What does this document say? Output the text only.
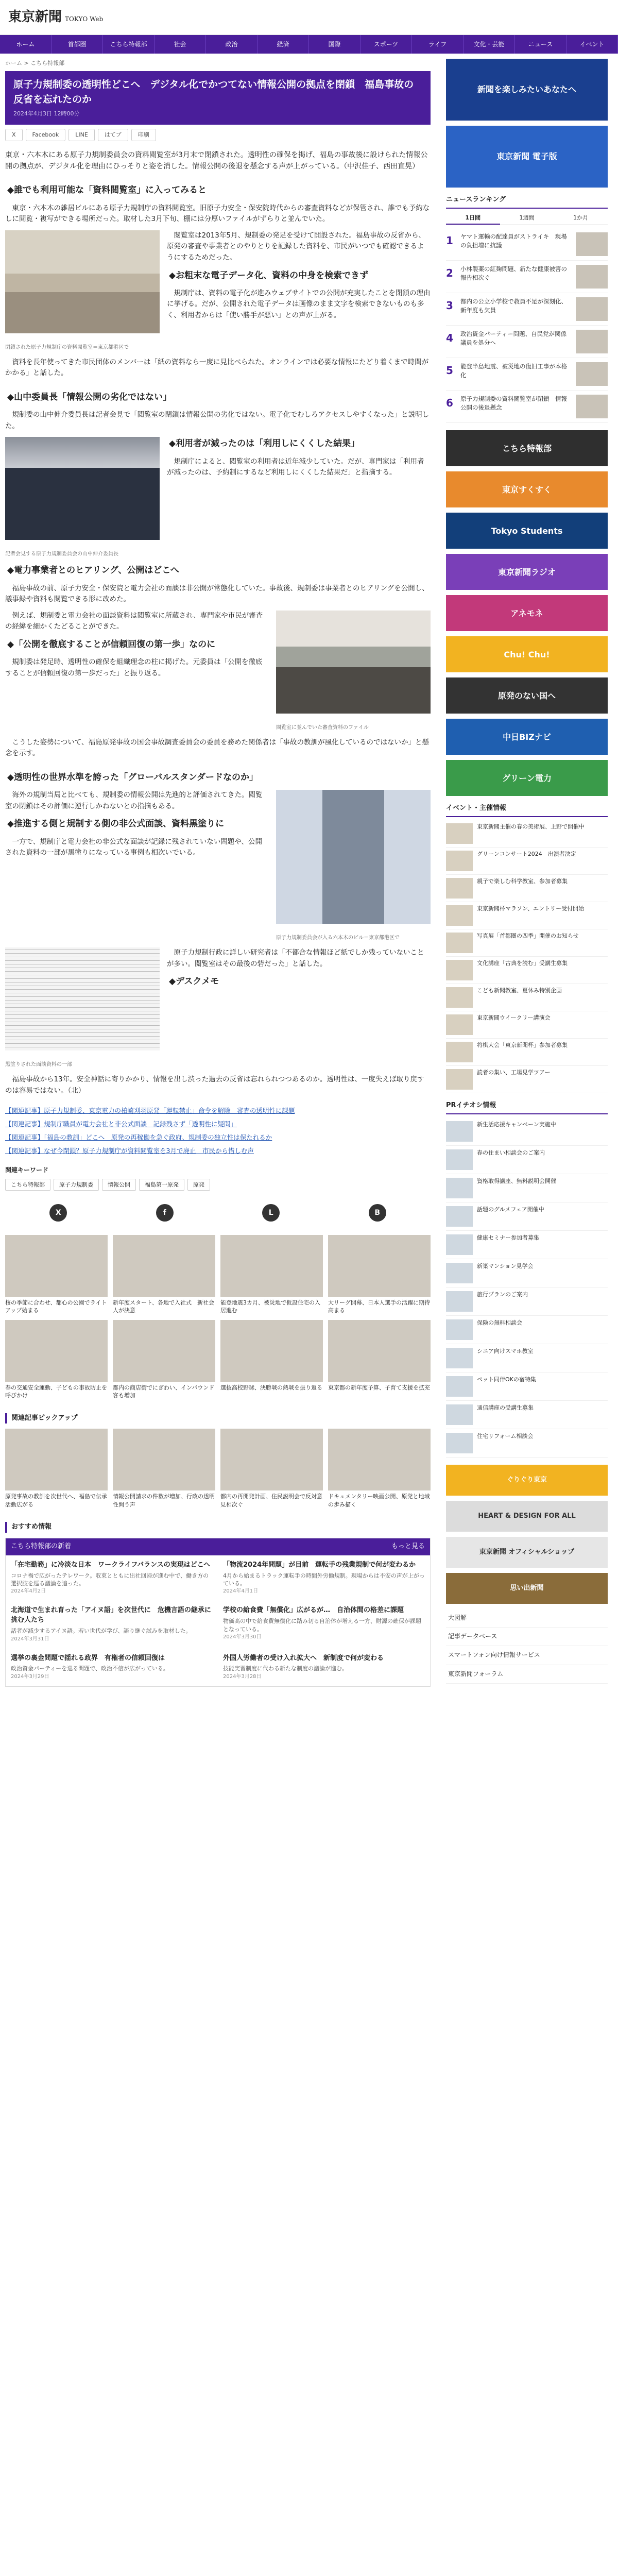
東京新聞 TOKYO Web
ホーム	首都圏	こちら特報部	社会	政治	経済	国際	スポーツ	ライフ	文化・芸能	ニュース	イベント
ホーム > こちら特報部
原子力規制委の透明性どこへ　デジタル化でかつてない情報公開の拠点を閉鎖　福島事故の反省を忘れたのか
2024年4月3日 12時00分
X	Facebook	LINE	はてブ	印刷

東京・六本木にある原子力規制委員会の資料閲覧室が3月末で閉鎖された。透明性の確保を掲げ、福島の事故後に設けられた情報公開の拠点が、デジタル化を理由にひっそりと姿を消した。情報公開の後退を懸念する声が上がっている。（中沢佳子、西田直晃）

◆誰でも利用可能な「資料閲覧室」に入ってみると

東京・六本木の雑居ビルにある原子力規制庁の資料閲覧室。旧原子力安全・保安院時代からの審査資料などが保管され、誰でも予約なしに閲覧・複写ができる場所だった。取材した3月下旬、棚には分厚いファイルがずらりと並んでいた。

閉鎖された原子力規制庁の資料閲覧室＝東京都港区で

閲覧室は2013年5月、規制委の発足を受けて開設された。福島事故の反省から、原発の審査や事業者とのやりとりを記録した資料を、市民がいつでも確認できるようにするためだった。

◆お粗末な電子データ化、資料の中身を検索できず

規制庁は、資料の電子化が進みウェブサイトでの公開が充実したことを閉鎖の理由に挙げる。だが、公開された電子データは画像のまま文字を検索できないものも多く、利用者からは「使い勝手が悪い」との声が上がる。

資料を長年使ってきた市民団体のメンバーは「紙の資料なら一度に見比べられた。オンラインでは必要な情報にたどり着くまで時間がかかる」と話した。

◆山中委員長「情報公開の劣化ではない」

規制委の山中伸介委員長は記者会見で「閲覧室の閉鎖は情報公開の劣化ではない。電子化でむしろアクセスしやすくなった」と説明した。

記者会見する原子力規制委員会の山中伸介委員長
◆利用者が減ったのは「利用しにくくした結果」

規制庁によると、閲覧室の利用者は近年減少していた。だが、専門家は「利用者が減ったのは、予約制にするなど利用しにくくした結果だ」と指摘する。

◆電力事業者とのヒアリング、公開はどこへ

福島事故の前、原子力安全・保安院と電力会社の面談は非公開が常態化していた。事故後、規制委は事業者とのヒアリングを公開し、議事録や資料も閲覧できる形に改めた。

例えば、規制委と電力会社の面談資料は閲覧室に所蔵され、専門家や市民が審査の経緯を細かくたどることができた。

◆「公開を徹底することが信頼回復の第一歩」なのに

規制委は発足時、透明性の確保を組織理念の柱に掲げた。元委員は「公開を徹底することが信頼回復の第一歩だった」と振り返る。

閲覧室に並んでいた審査資料のファイル

こうした姿勢について、福島原発事故の国会事故調査委員会の委員を務めた関係者は「事故の教訓が風化しているのではないか」と懸念を示す。

◆透明性の世界水準を誇った「グローバルスタンダードなのか」

海外の規制当局と比べても、規制委の情報公開は先進的と評価されてきた。閲覧室の閉鎖はその評価に逆行しかねないとの指摘もある。

◆推進する側と規制する側の非公式面談、資料黒塗りに

一方で、規制庁と電力会社の非公式な面談が記録に残されていない問題や、公開された資料の一部が黒塗りになっている事例も相次いでいる。

原子力規制委員会が入る六本木のビル＝東京都港区で
黒塗りされた面談資料の一部

原子力規制行政に詳しい研究者は「不都合な情報ほど紙でしか残っていないことが多い。閲覧室はその最後の砦だった」と話した。

◆デスクメモ

福島事故から13年。安全神話に寄りかかり、情報を出し渋った過去の反省は忘れられつつあるのか。透明性は、一度失えば取り戻すのは容易ではない。（北）

【関連記事】原子力規制委、東京電力の柏崎刈羽原発「運転禁止」命令を解除　審査の透明性に課題

【関連記事】規制庁職員が電力会社と非公式面談　記録残さず「透明性に疑問」

【関連記事】「福島の教訓」どこへ　原発の再稼働を急ぐ政府、規制委の独立性は保たれるか

【関連記事】なぜ今閉鎖？原子力規制庁が資料閲覧室を3月で廃止　市民から惜しむ声

関連キーワード
こちら特報部	原子力規制委	情報公開	福島第一原発	原発
X	f	L	B
桜の季節に合わせ、都心の公園でライトアップ始まる
新年度スタート、各地で入社式　新社会人が決意
能登地震3カ月、被災地で仮設住宅の入居進む
大リーグ開幕、日本人選手の活躍に期待高まる
春の交通安全運動、子どもの事故防止を呼びかけ
都内の商店街でにぎわい、インバウンド客も増加
選抜高校野球、決勝戦の熱戦を振り返る 東京都の新年度予算、子育て支援を拡充
関連記事ピックアップ
原発事故の教訓を次世代へ、福島で伝承活動広がる
情報公開請求の件数が増加、行政の透明性問う声
都内の再開発計画、住民説明会で反対意見相次ぐ
ドキュメンタリー映画公開、原発と地域の歩み描く
おすすめ情報
こちら特報部の新着	もっと見る
「在宅勤務」に冷淡な日本　ワークライフバランスの実現はどこへ

コロナ禍で広がったテレワーク。収束とともに出社回帰が進む中で、働き方の選択肢を巡る議論を追った。

2024年4月2日
「物流2024年問題」が目前　運転手の残業規制で何が変わるか

4月から始まるトラック運転手の時間外労働規制。現場からは不安の声が上がっている。

2024年4月1日
北海道で生まれ育った「アイヌ語」を次世代に　危機言語の継承に挑む人たち

話者が減少するアイヌ語。若い世代が学び、語り継ぐ試みを取材した。

2024年3月31日
学校の給食費「無償化」広がるが…　自治体間の格差に課題

物価高の中で給食費無償化に踏み切る自治体が増える一方、財源の確保が課題となっている。

2024年3月30日
選挙の裏金問題で揺れる政界　有権者の信頼回復は

政治資金パーティーを巡る問題で、政治不信が広がっている。

2024年3月29日
外国人労働者の受け入れ拡大へ　新制度で何が変わる

技能実習制度に代わる新たな制度の議論が進む。

2024年3月28日
新聞を楽しみたいあなたへ
東京新聞 電子版
ニュースランキング
1日間	1週間	1か月
1	ヤマト運輸の配達員がストライキ　現場の負担増に抗議
2	小林製薬の紅麹問題、新たな健康被害の報告相次ぐ
3	都内の公立小学校で教員不足が深刻化、新年度も欠員
4	政治資金パーティー問題、自民党が関係議員を処分へ
5	能登半島地震、被災地の復旧工事が本格化
6	原子力規制委の資料閲覧室が閉鎖　情報公開の後退懸念
こちら特報部
東京すくすく
Tokyo Students
東京新聞ラジオ
アネモネ
Chu! Chu!
原発のない国へ
中日BIZナビ
グリーン電力
イベント・主催情報
東京新聞主催の春の美術展、上野で開催中
グリーンコンサート2024　出演者決定
親子で楽しむ科学教室、参加者募集
東京新聞杯マラソン、エントリー受付開始
写真展「首都圏の四季」開催のお知らせ
文化講座「古典を読む」受講生募集
こども新聞教室、夏休み特別企画
東京新聞ウイークリー講演会
将棋大会「東京新聞杯」参加者募集
読者の集い、工場見学ツアー
PRイチオシ情報
新生活応援キャンペーン実施中
春の住まい相談会のご案内
資格取得講座、無料説明会開催
話題のグルメフェア開催中
健康セミナー参加者募集
新築マンション見学会
旅行プランのご案内
保険の無料相談会
シニア向けスマホ教室
ペット同伴OKの宿特集
通信講座の受講生募集
住宅リフォーム相談会
ぐりぐり東京
HEART & DESIGN FOR ALL
東京新聞 オフィシャルショップ
思い出新聞
大図解
記事データベース
スマートフォン向け情報サービス
東京新聞フォーラム
